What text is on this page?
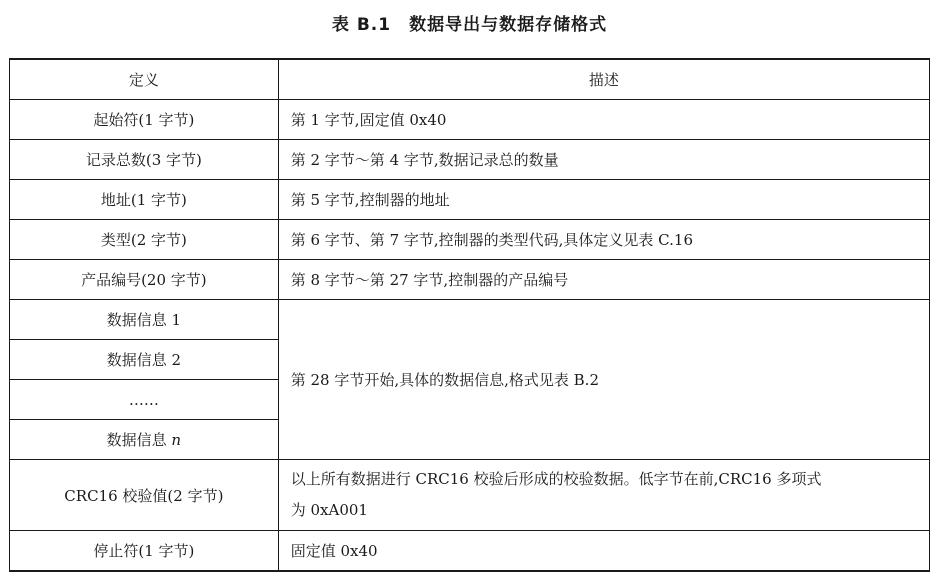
表 B.1 数据导出与数据存储格式
定义	描述
起始符(1 字节)	第 1 字节,固定值 0x40
记录总数(3 字节)	第 2 字节～第 4 字节,数据记录总的数量
地址(1 字节)	第 5 字节,控制器的地址
类型(2 字节)	第 6 字节、第 7 字节,控制器的类型代码,具体定义见表 C.16
产品编号(20 字节)	第 8 字节～第 27 字节,控制器的产品编号
数据信息 1	第 28 字节开始,具体的数据信息,格式见表 B.2
数据信息 2	
……	
数据信息 n	
CRC16 校验值(2 字节)	以上所有数据进行 CRC16 校验后形成的校验数据。低字节在前,CRC16 多项式
为 0xA001
停止符(1 字节)	固定值 0x40
